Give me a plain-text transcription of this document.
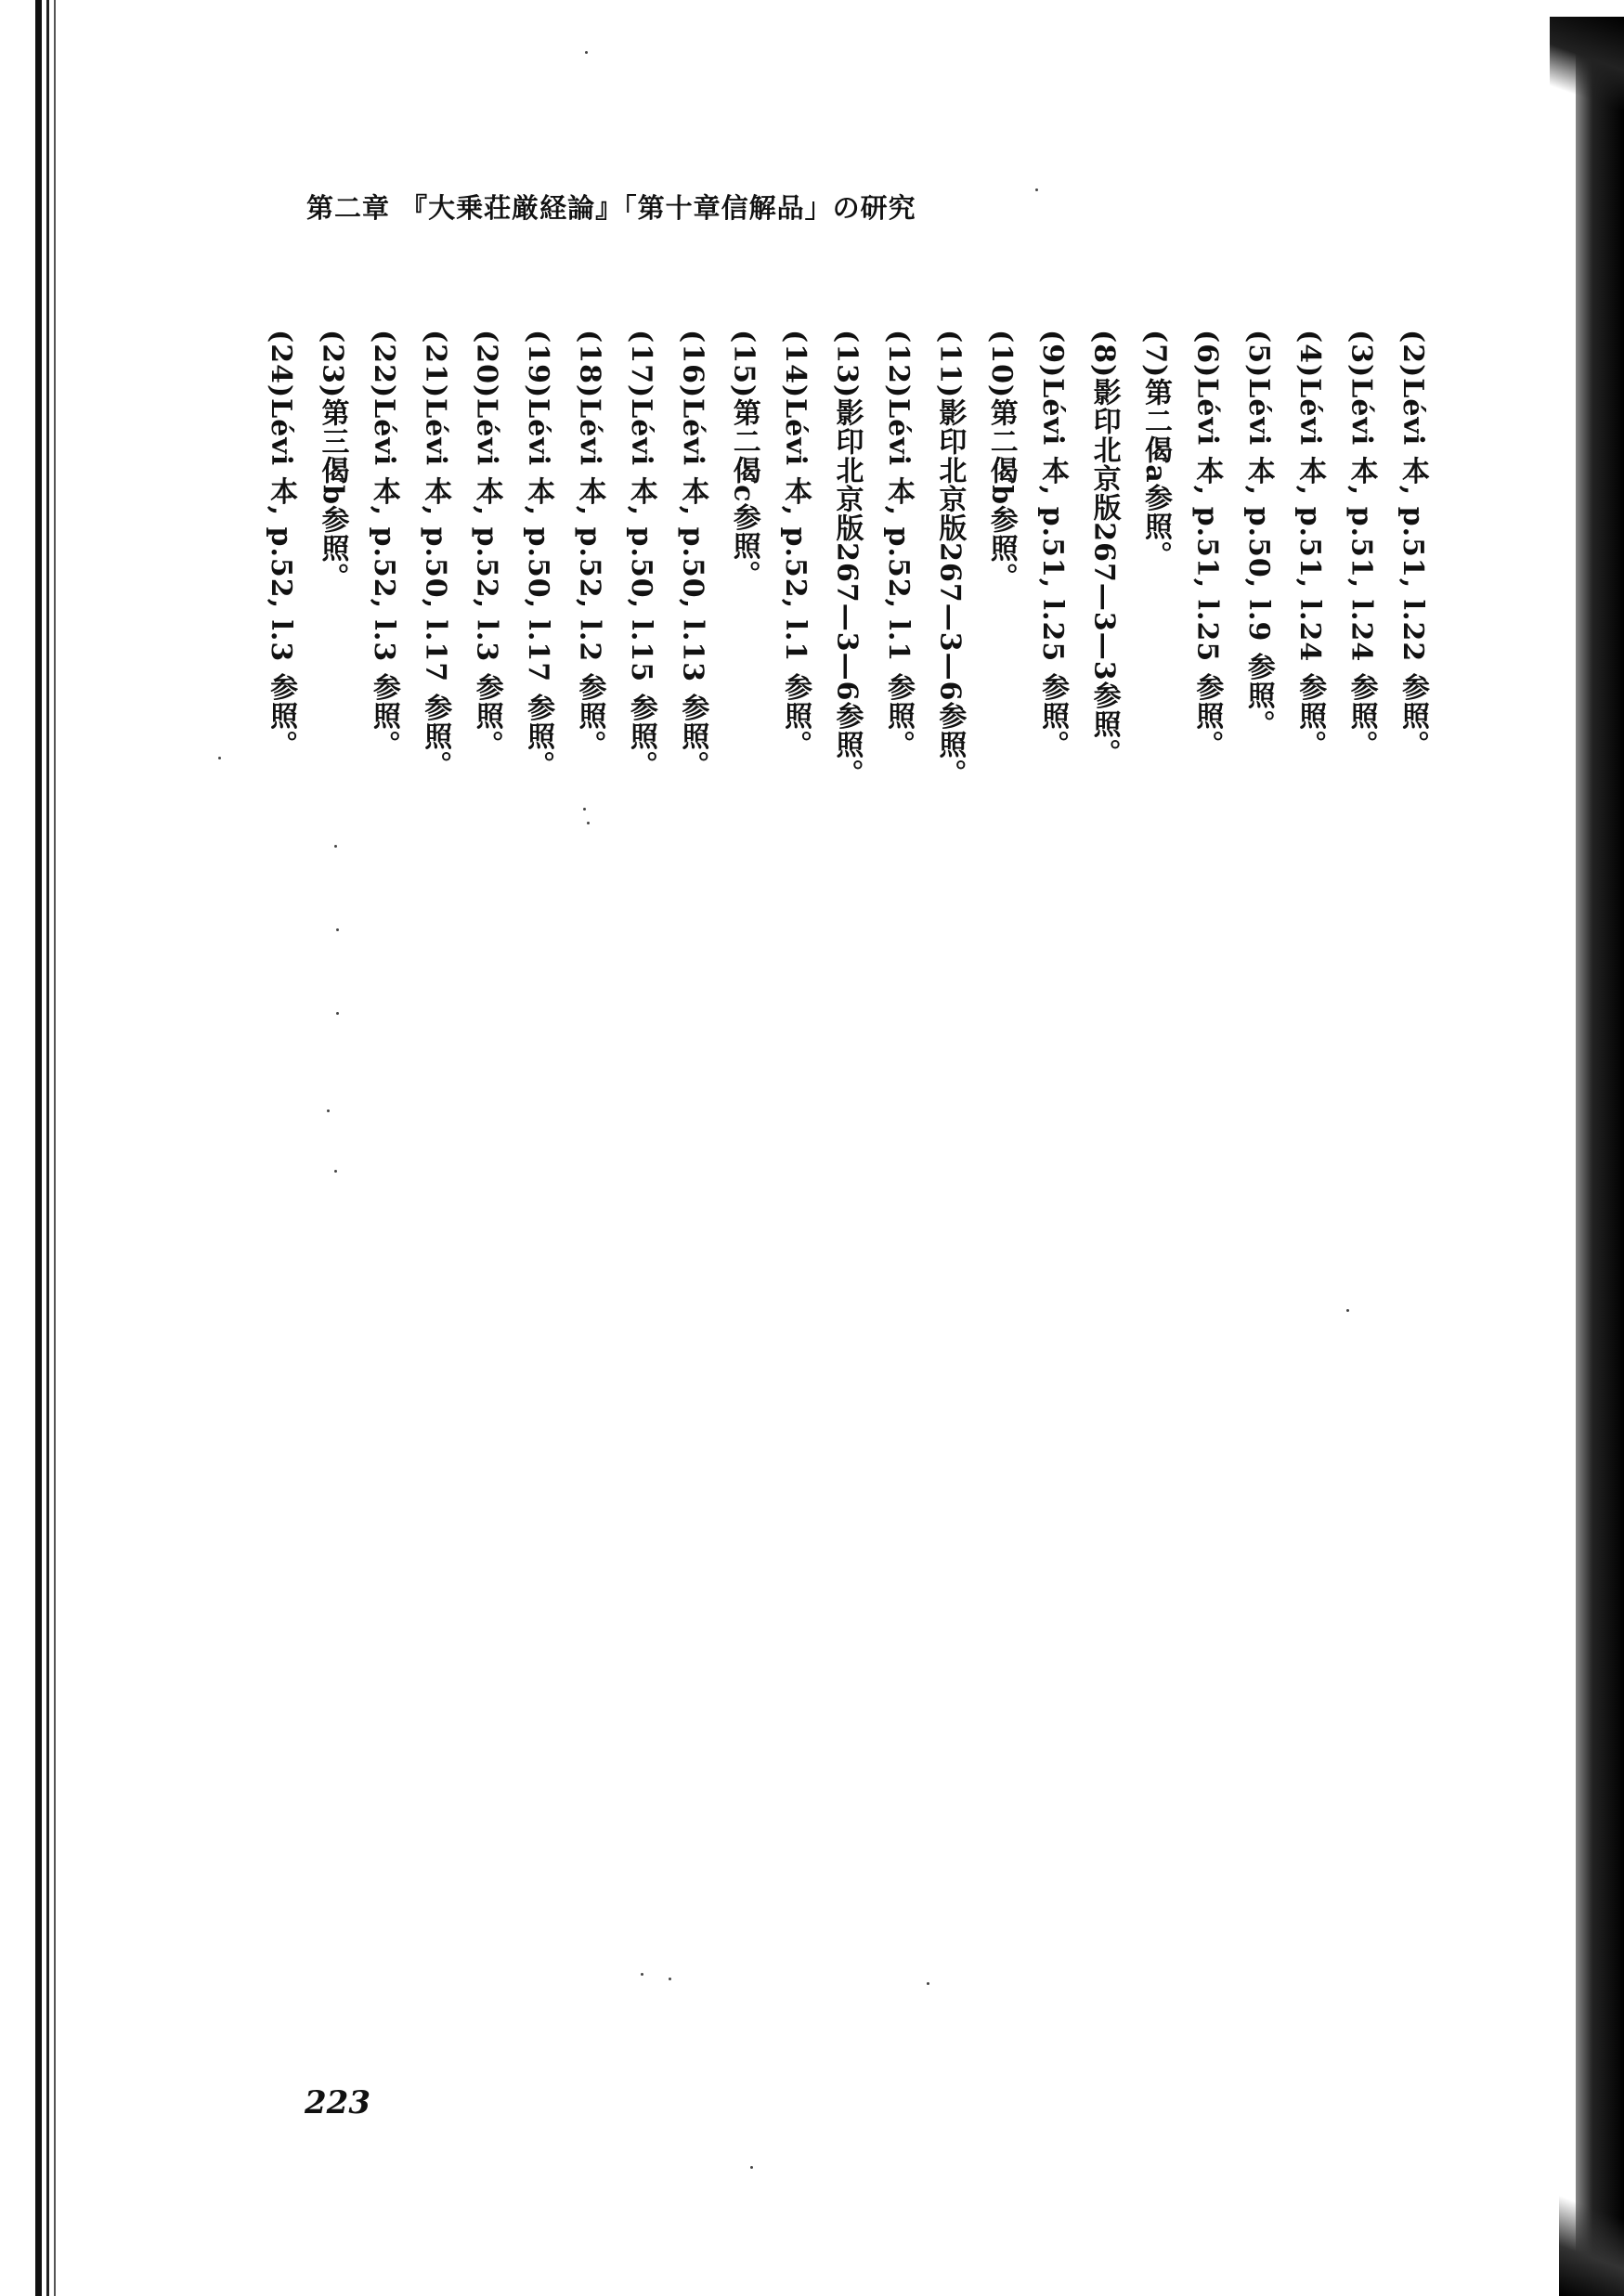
第二章 『大乗荘厳経論』「第十章信解品」の研究
(2)Lévi 本, p.51, l.22 参照。
(3)Lévi 本, p.51, l.24 参照。
(4)Lévi 本, p.51, l.24 参照。
(5)Lévi 本, p.50, l.9 参照。
(6)Lévi 本, p.51, l.25 参照。
(7)第二偈a参照。
(8)影印北京版267—3—3参照。
(9)Lévi 本, p.51, l.25 参照。
(10)第二偈b参照。
(11)影印北京版267—3—6参照。
(12)Lévi 本, p.52, l.1 参照。
(13)影印北京版267—3—6参照。
(14)Lévi 本, p.52, l.1 参照。
(15)第二偈c参照。
(16)Lévi 本, p.50, l.13 参照。
(17)Lévi 本, p.50, l.15 参照。
(18)Lévi 本, p.52, l.2 参照。
(19)Lévi 本, p.50, l.17 参照。
(20)Lévi 本, p.52, l.3 参照。
(21)Lévi 本, p.50, l.17 参照。
(22)Lévi 本, p.52, l.3 参照。
(23)第三偈b参照。
(24)Lévi 本, p.52, l.3 参照。
223
